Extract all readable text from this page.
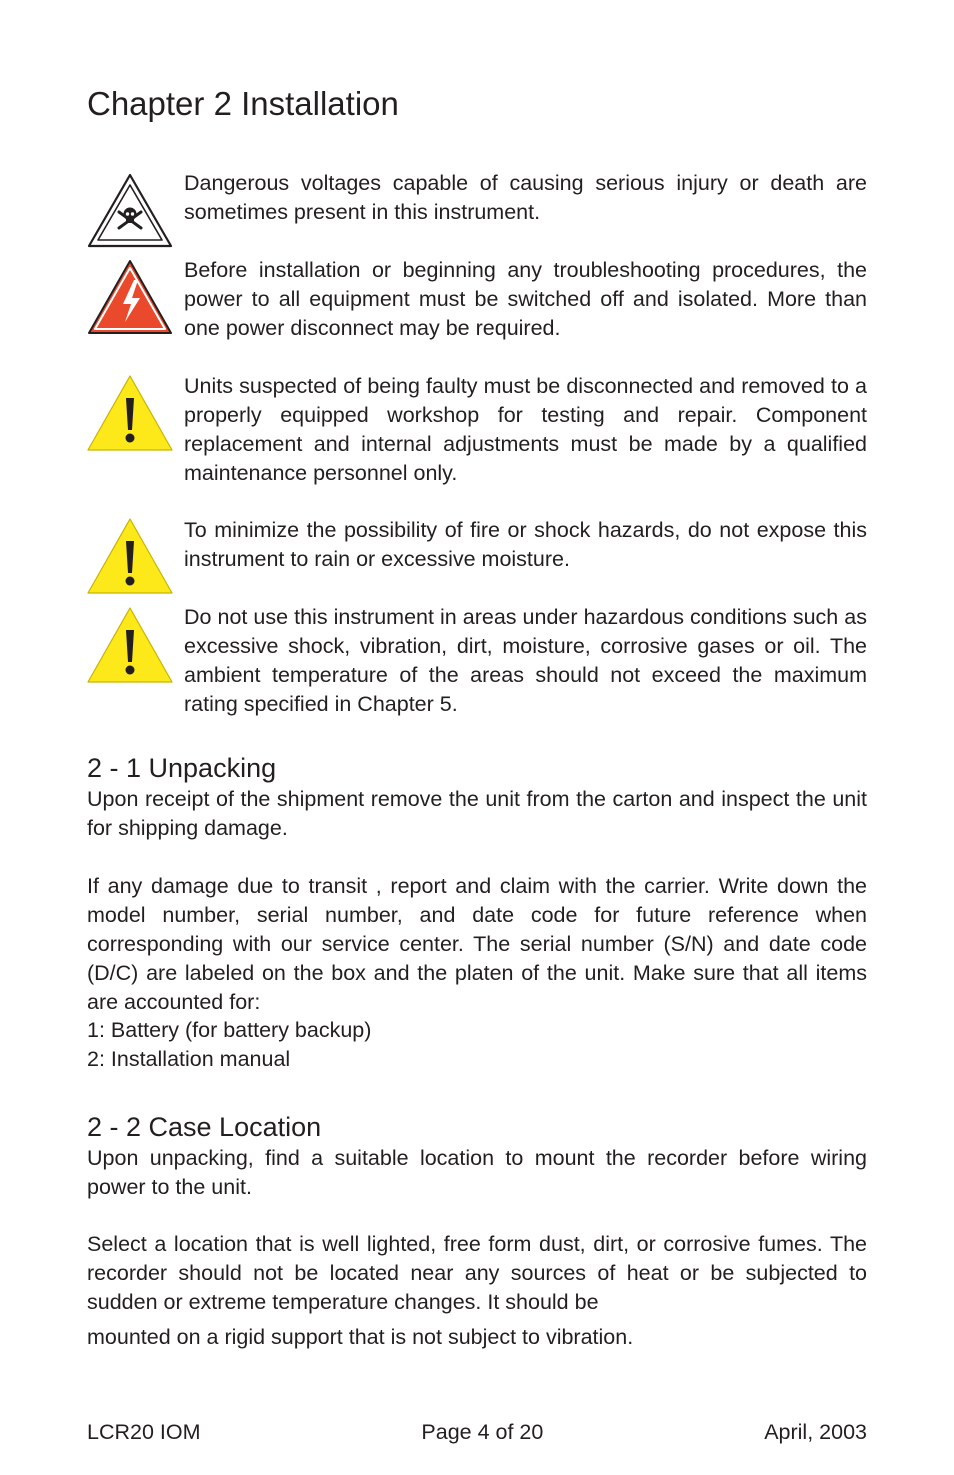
Chapter 2 Installation

Dangerous voltages capable of causing serious injury or death are sometimes present in this instrument.

Before installation or beginning any troubleshooting procedures, the power to all equipment must be switched off and isolated. More than one power disconnect may be required.

Units suspected of being faulty must be disconnected and removed to a properly equipped workshop for testing and repair. Component replacement and internal adjustments must be made by a qualified maintenance personnel only.

To minimize the possibility of fire or shock hazards, do not expose this instrument to rain or excessive moisture.

Do not use this instrument in areas under hazardous conditions such as excessive shock, vibration, dirt, moisture, corrosive gases or oil. The ambient temperature of the areas should not exceed the maximum rating specified in Chapter 5.

2 - 1 Unpacking

Upon receipt of the shipment remove the unit from the carton and inspect the unit for shipping damage.

If any damage due to transit , report and claim with the carrier. Write down the model number, serial number, and date code for future reference when corresponding with our service center. The serial number (S/N) and date code (D/C) are labeled on the box and the platen of the unit. Make sure that all items are accounted for:

1: Battery (for battery backup)

2: Installation manual

2 - 2 Case Location

Upon unpacking, find a suitable location to mount the recorder before wiring power to the unit.

Select a location that is well lighted, free form dust, dirt, or corrosive fumes. The recorder should not be located near any sources of heat or be subjected to sudden or extreme temperature changes. It should be

mounted on a rigid support that is not subject to vibration.

LCR20 IOM	Page 4 of 20	April, 2003
